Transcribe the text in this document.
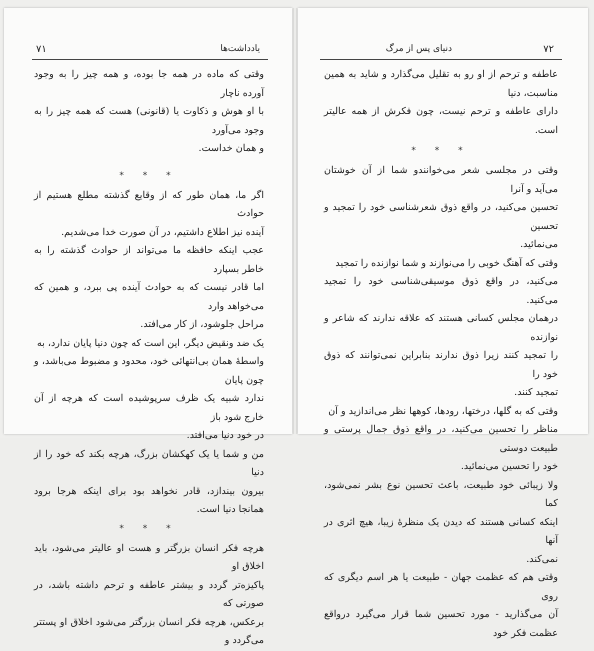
۷۱	یادداشت‌ها

وقتی که ماده در همه جا بوده، و همه چیز را به وجود آورده ناچار

با او هوش و ذکاوت یا (قانونی) هست که همه چیز را به وجود می‌آورد

و همان خداست.

* * *

اگر ما، همان طور که از وقایع گذشته مطلع هستیم از حوادث

آینده نیز اطلاع داشتیم، در آن صورت خدا می‌شدیم.

عجب اینکه حافظه ما می‌تواند از حوادث گذشته را به خاطر بسپارد

اما قادر نیست که به حوادث آینده پی ببرد، و همین که می‌خواهد وارد

مراحل جلوشود، از کار می‌افتد.

یک ضد ونقیض دیگر، این است که چون دنیا پایان ندارد، به

واسطهٔ همان بی‌انتهائی خود، محدود و مضبوط می‌باشد، و چون پایان

ندارد شبیه یک ظرف سرپوشیده است که هرچه از آن خارج شود باز

در خود دنیا می‌افتد.

من و شما یا یک کهکشان بزرگ، هرچه بکند که خود را از دنیا

بیرون بیندازد، قادر نخواهد بود برای اینکه هرجا برود همانجا دنیا است.

* * *

هرچه فکر انسان بزرگتر و هست او عالیتر می‌شود، باید اخلاق او

پاکیزه‌تر گردد و بیشتر عاطفه و ترحم داشته باشد، در صورتی که

برعکس، هرچه فکر انسان بزرگتر می‌شود اخلاق او پستتر می‌گردد و

۷۲
دنیای پس از مرگ

عاطفه و ترحم از او رو به تقلیل می‌گذارد و شاید به همین مناسبت، دنیا

دارای عاطفه و ترحم نیست، چون فکرش از همه عالیتر است.

* * *

وقتی در مجلسی شعر می‌خوانندو شما از آن خوشتان می‌آید و آنرا

تحسین می‌کنید، در واقع ذوق شعرشناسی خود را تمجید و تحسین

می‌نمائید.

وقتی که آهنگ خوبی را می‌نوازند و شما نوازنده را تمجید

می‌کنید، در واقع ذوق موسیقی‌شناسی خود را تمجید می‌کنید.

درهمان مجلس کسانی هستند که علاقه ندارند که شاعر و نوازنده

را تمجید کنند زیرا ذوق ندارند بنابراین نمی‌توانند که ذوق خود را

تمجید کنند.

وقتی که به گلها، درختها، رودها، کوهها نظر می‌اندازید و آن

مناظر را تحسین می‌کنید، در واقع ذوق جمال پرستی و طبیعت دوستی

خود را تحسین می‌نمائید.

ولا زیبائی خود طبیعت، باعث تحسین نوع بشر نمی‌شود، کما

اینکه کسانی هستند که دیدن یک منظرهٔ زیبا، هیچ اثری در آنها

نمی‌کند.

وقتی هم که عظمت جهان - طبیعت یا هر اسم دیگری که روی

آن می‌گذارید - مورد تحسین شما قرار می‌گیرد درواقع عظمت فکر خود
